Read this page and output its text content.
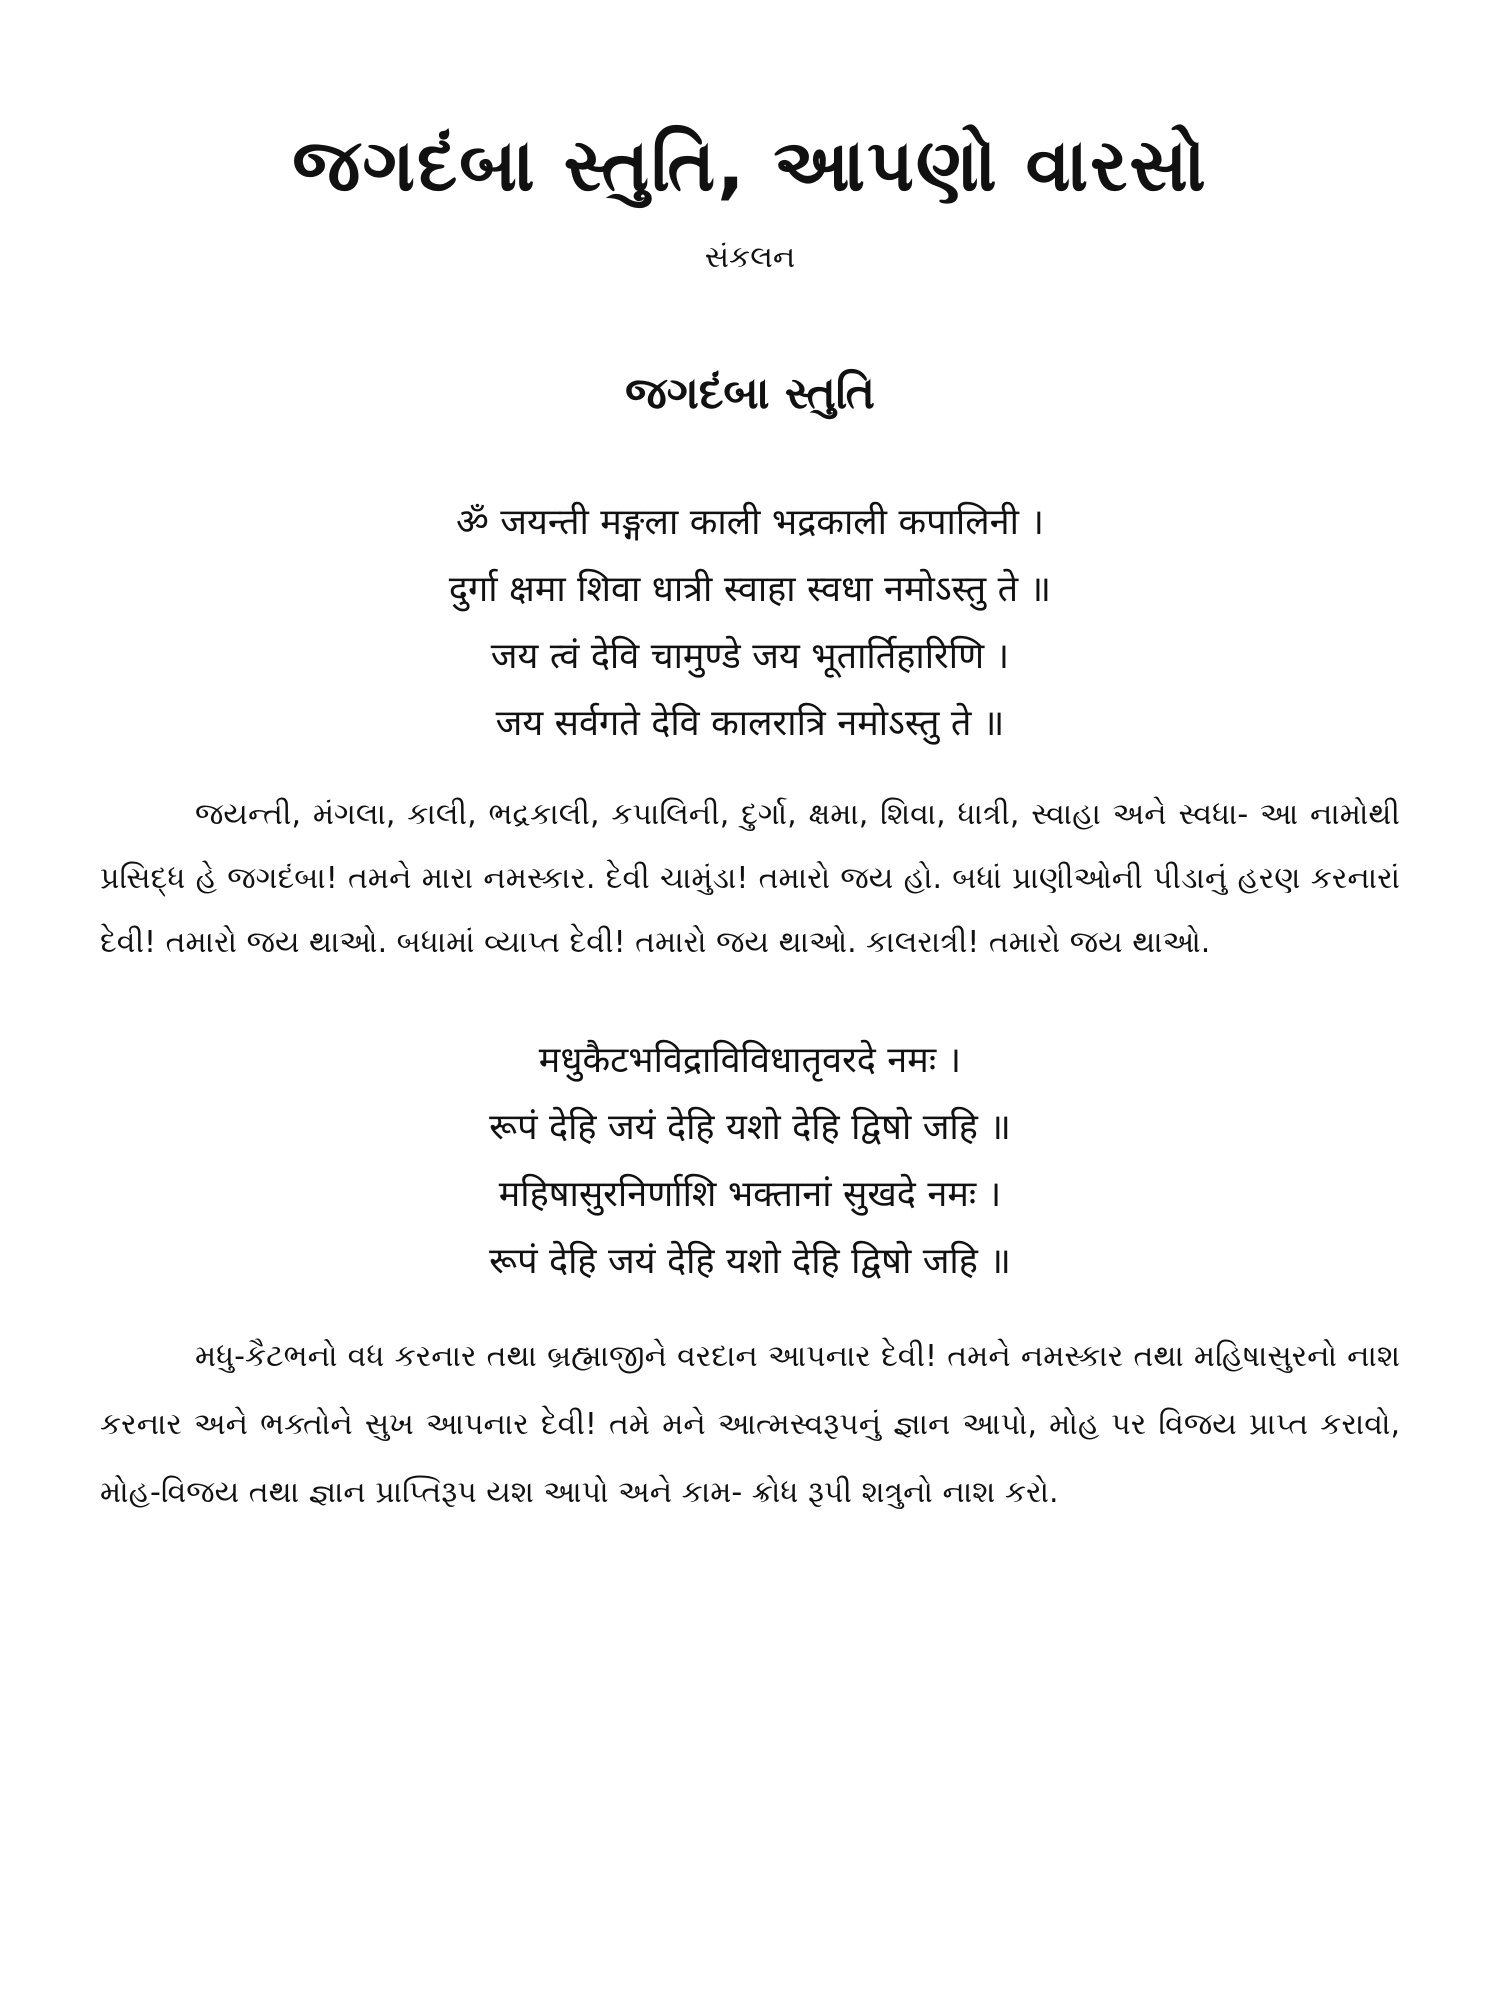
જગદંબા સ્તુતિ, આપણો વારસો
સંકલન
જગદંબા સ્તુતિ
ॐ जयन्ती मङ्गला काली भद्रकाली कपालिनी ।
दुर्गा क्षमा शिवा धात्री स्वाहा स्वधा नमोऽस्तु ते ॥
जय त्वं देवि चामुण्डे जय भूतार्तिहारिणि ।
जय सर्वगते देवि कालरात्रि नमोऽस्तु ते ॥

જયન્તી, મંગલા, કાલી, ભદ્રકાલી, કપાલિની, દુર્ગા, ક્ષમા, શિવા, ધાત્રી, સ્વાહા અને સ્વધા- આ નામોથી પ્રસિદ્ધ હે જગદંબા! તમને મારા નમસ્કાર. દેવી ચામુંડા! તમારો જય હો. બધાં પ્રાણીઓની પીડાનું હરણ કરનારાં દેવી! તમારો જય થાઓ. બધામાં વ્યાપ્ત દેવી! તમારો જય થાઓ. કાલરાત્રી! તમારો જય થાઓ.

मधुकैटभविद्राविविधातृवरदे नमः ।
रूपं देहि जयं देहि यशो देहि द्विषो जहि ॥
महिषासुरनिर्णाशि भक्तानां सुखदे नमः ।
रूपं देहि जयं देहि यशो देहि द्विषो जहि ॥

મધુ-કૈટભનો વધ કરનાર તથા બ્રહ્માજીને વરદાન આપનાર દેવી! તમને નમસ્કાર તથા મહિષાસુરનો નાશ કરનાર અને ભક્તોને સુખ આપનાર દેવી! તમે મને આત્મસ્વરૂપનું જ્ઞાન આપો, મોહ પર વિજય પ્રાપ્ત કરાવો, મોહ-વિજય તથા જ્ઞાન પ્રાપ્તિરૂપ યશ આપો અને કામ- ક્રોધ રૂપી શત્રુનો નાશ કરો.
